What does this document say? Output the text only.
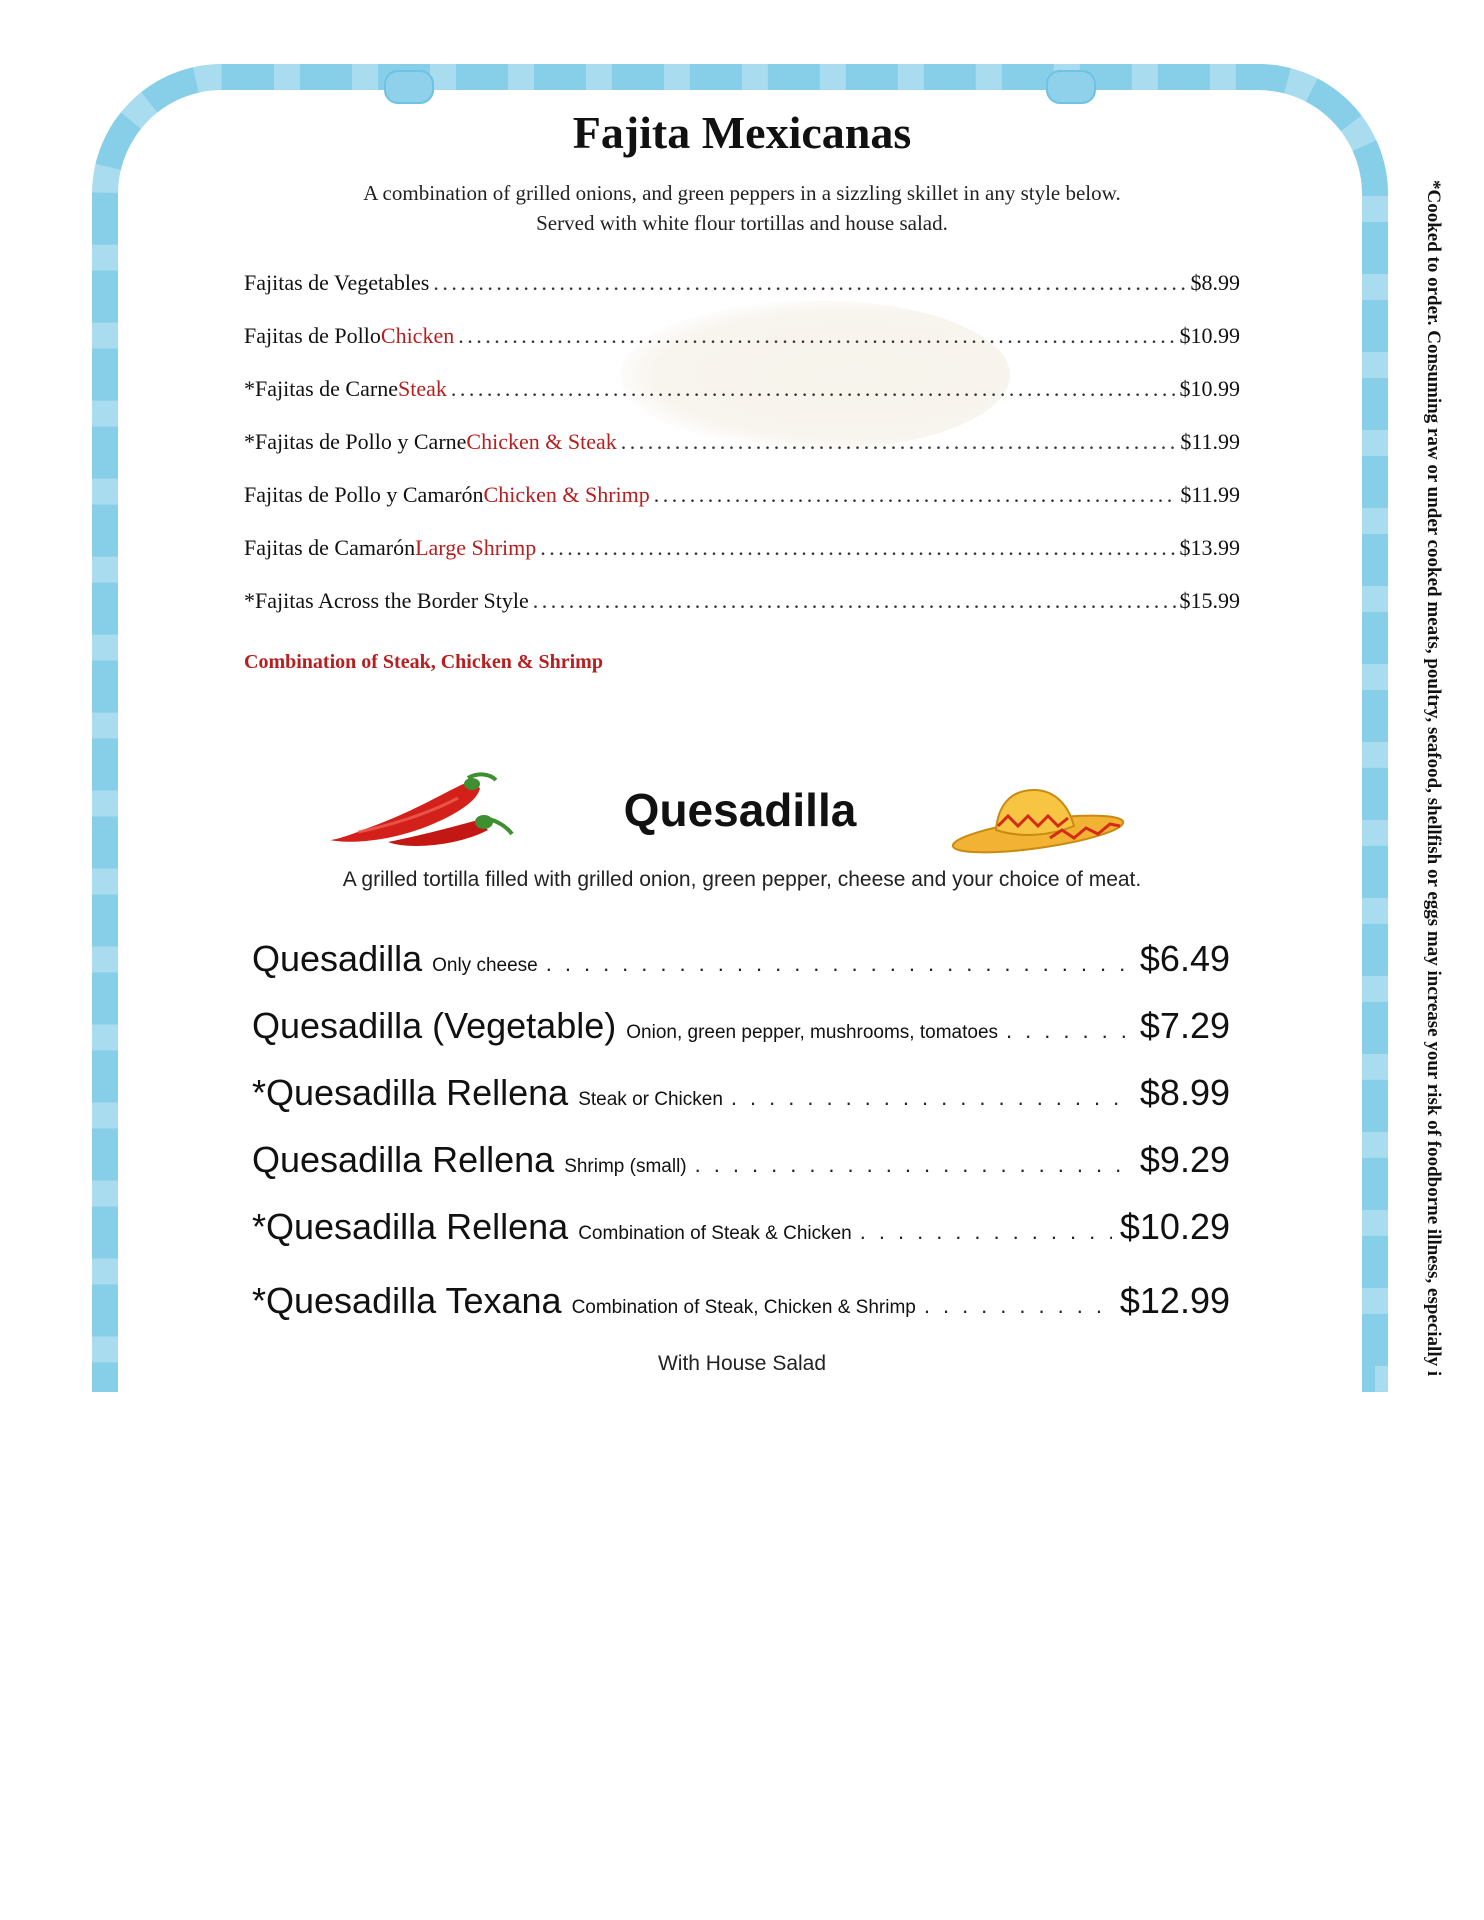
Fajita Mexicanas
A combination of grilled onions, and green peppers in a sizzling skillet in any style below.
Served with white flour tortillas and house salad.
Fajitas de Vegetables . . .	$8.99
Fajitas de Pollo Chicken . . .	$10.99
*Fajitas de Carne Steak . . .	$10.99
*Fajitas de Pollo y Carne Chicken & Steak . . .	$11.99
Fajitas de Pollo y Camarón Chicken & Shrimp . . .	$11.99
Fajitas de Camarón Large Shrimp . . .	$13.99
*Fajitas Across the Border Style . . .	$15.99
Combination of Steak, Chicken & Shrimp
Quesadilla
A grilled tortilla filled with grilled onion, green pepper, cheese and your choice of meat.
Quesadilla Only cheese .....	$6.49
Quesadilla (Vegetable) Onion, green pepper, mushrooms, tomatoes .....	$7.29
*Quesadilla Rellena Steak or Chicken .....	$8.99
Quesadilla Rellena Shrimp (small) .....	$9.29
*Quesadilla Rellena Combination of Steak & Chicken .....	$10.29
*Quesadilla Texana Combination of Steak, Chicken & Shrimp .....	$12.99
With House Salad	*Cooked to order. Consuming raw or under cooked meats, poultry, seafood, shellfish or eggs may increase your risk of foodborne illness, especially i
